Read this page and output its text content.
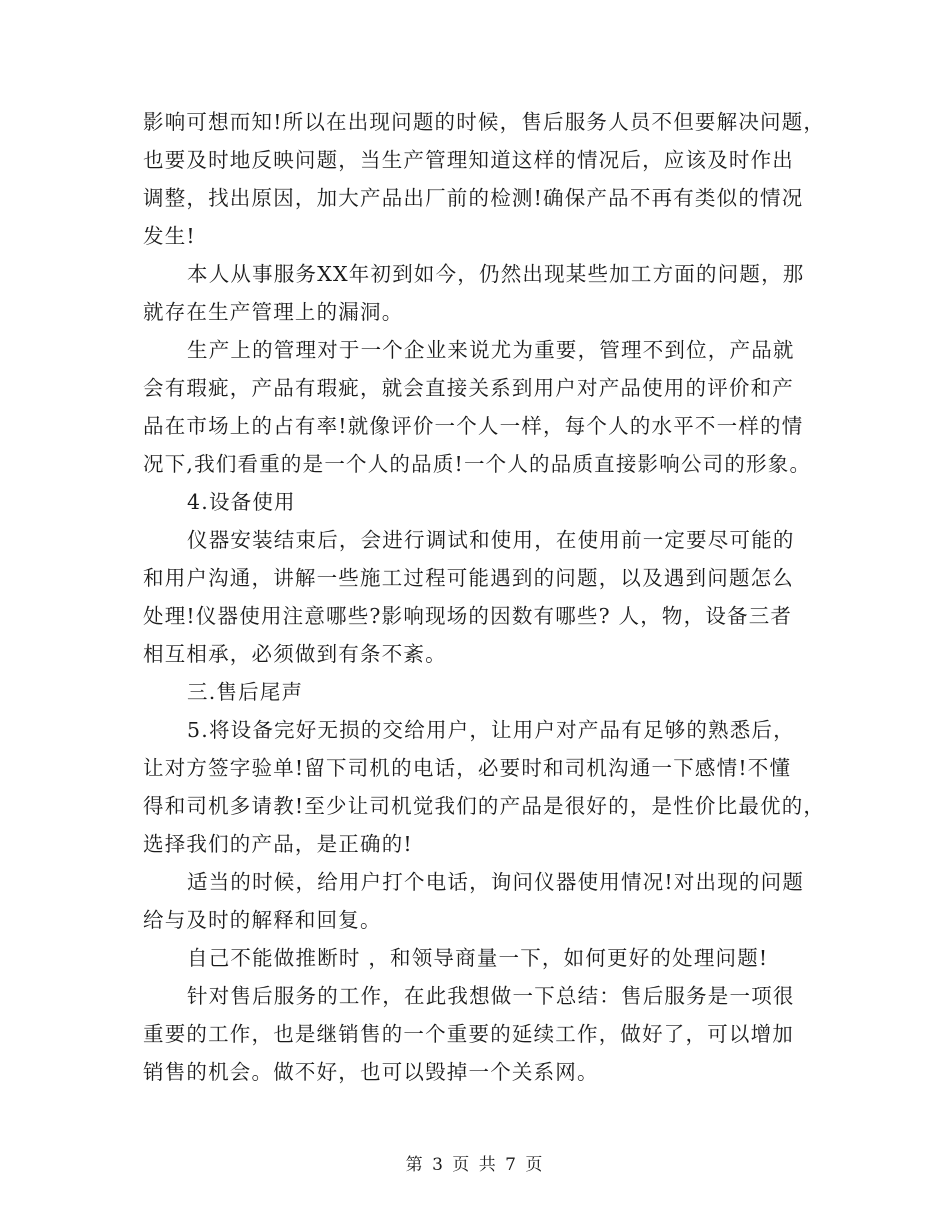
影响可想而知!所以在出现问题的时候，售后服务人员不但要解决问题，
也要及时地反映问题，当生产管理知道这样的情况后，应该及时作出
调整，找出原因，加大产品出厂前的检测!确保产品不再有类似的情况
发生!
本人从事服务XX年初到如今，仍然出现某些加工方面的问题，那
就存在生产管理上的漏洞。
生产上的管理对于一个企业来说尤为重要，管理不到位，产品就
会有瑕疵，产品有瑕疵，就会直接关系到用户对产品使用的评价和产
品在市场上的占有率!就像评价一个人一样，每个人的水平不一样的情
况下,我们看重的是一个人的品质!一个人的品质直接影响公司的形象。
4.设备使用
仪器安装结束后，会进行调试和使用，在使用前一定要尽可能的
和用户沟通，讲解一些施工过程可能遇到的问题，以及遇到问题怎么
处理!仪器使用注意哪些?影响现场的因数有哪些? 人，物，设备三者
相互相承，必须做到有条不紊。
三.售后尾声
5.将设备完好无损的交给用户，让用户对产品有足够的熟悉后，
让对方签字验单!留下司机的电话，必要时和司机沟通一下感情!不懂
得和司机多请教!至少让司机觉我们的产品是很好的，是性价比最优的，
选择我们的产品，是正确的!
适当的时候，给用户打个电话，询问仪器使用情况!对出现的问题
给与及时的解释和回复。
自己不能做推断时 ，和领导商量一下，如何更好的处理问题!
针对售后服务的工作，在此我想做一下总结：售后服务是一项很
重要的工作，也是继销售的一个重要的延续工作，做好了，可以增加
销售的机会。做不好，也可以毁掉一个关系网。
第 3 页 共 7 页
